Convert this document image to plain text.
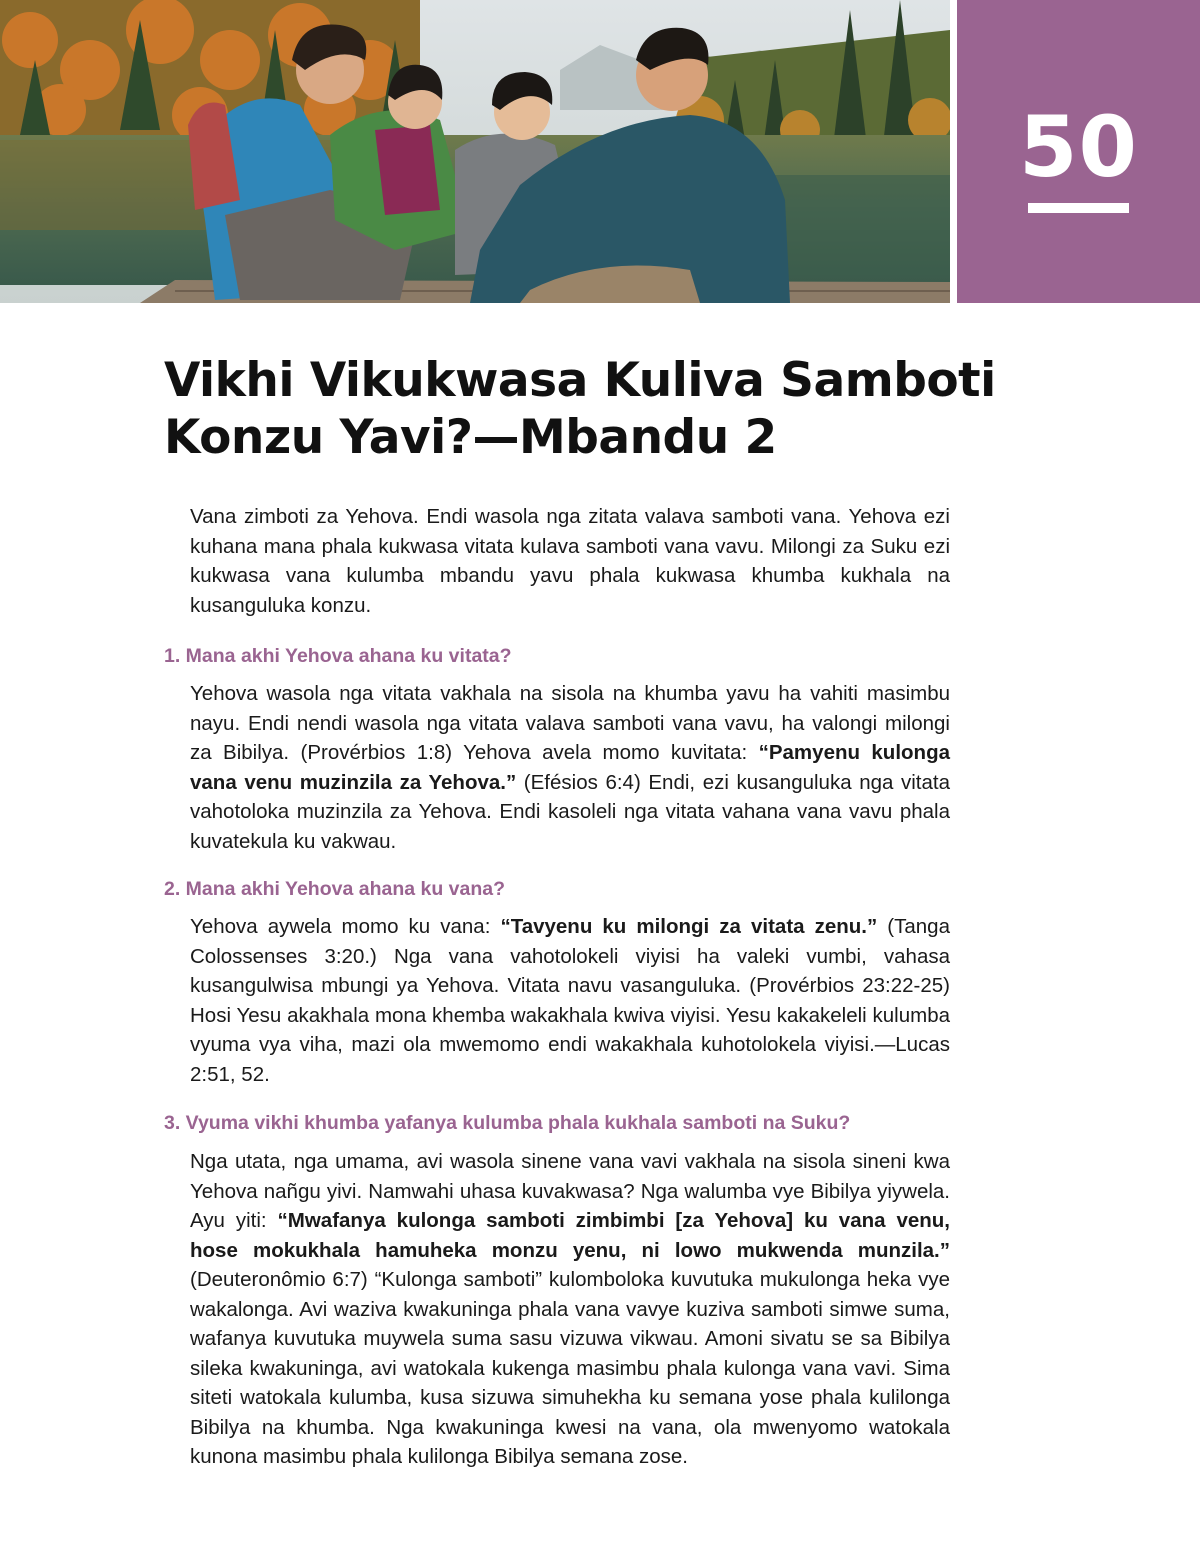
50
Vikhi Vikukwasa Kuliva Samboti
Konzu Yavi?—Mbandu 2

Vana zimboti za Yehova. Endi wasola nga zitata valava samboti vana. Yehova ezi kuhana mana phala kukwasa vitata kulava samboti vana vavu. Milongi za Suku ezi kukwasa vana kulumba mbandu yavu phala kukwasa khumba kukhala na kusanguluka konzu.

1. Mana akhi Yehova ahana ku vitata?

Yehova wasola nga vitata vakhala na sisola na khumba yavu ha vahiti masimbu nayu. Endi nendi wasola nga vitata valava samboti vana vavu, ha valongi milongi za Bibilya. (Provérbios 1:8) Yehova avela momo kuvitata: “Pamyenu kulonga vana venu muzinzila za Yehova.” (Efésios 6:4) Endi, ezi kusanguluka nga vitata vahotoloka muzinzila za Yehova. Endi kasoleli nga vitata vahana vana vavu phala kuvatekula ku vakwau.

2. Mana akhi Yehova ahana ku vana?

Yehova aywela momo ku vana: “Tavyenu ku milongi za vitata zenu.” (Tanga Colossenses 3:20.) Nga vana vahotolokeli viyisi ha valeki vumbi, vahasa kusangulwisa mbungi ya Yehova. Vitata navu vasanguluka. (Provérbios 23:22-25) Hosi Yesu akakhala mona khemba wakakhala kwiva viyisi. Yesu kakakeleli kulumba vyuma vya viha, mazi ola mwemomo endi wakakhala kuhotolokela viyisi.—Lucas 2:51, 52.

3. Vyuma vikhi khumba yafanya kulumba phala kukhala samboti na Suku?

Nga utata, nga umama, avi wasola sinene vana vavi vakhala na sisola sineni kwa Yehova nañgu yivi. Namwahi uhasa kuvakwasa? Nga walumba vye Bibilya yiywela. Ayu yiti: “Mwafanya kulonga samboti zimbimbi [za Yehova] ku vana venu, hose mokukhala hamuheka monzu yenu, ni lowo mukwenda munzila.” (Deuteronômio 6:7) “Kulonga samboti” kulomboloka kuvutuka mukulonga heka vye wakalonga. Avi waziva kwakuninga phala vana vavye kuziva samboti simwe suma, wafanya kuvutuka muywela suma sasu vizuwa vikwau. Amoni sivatu se sa Bibilya sileka kwakuninga, avi watokala kukenga masimbu phala kulonga vana vavi. Sima siteti watokala kulumba, kusa sizuwa simuhekha ku semana yose phala kulilonga Bibilya na khumba. Nga kwakuninga kwesi na vana, ola mwenyomo watokala kunona masimbu phala kulilonga Bibilya semana zose.
